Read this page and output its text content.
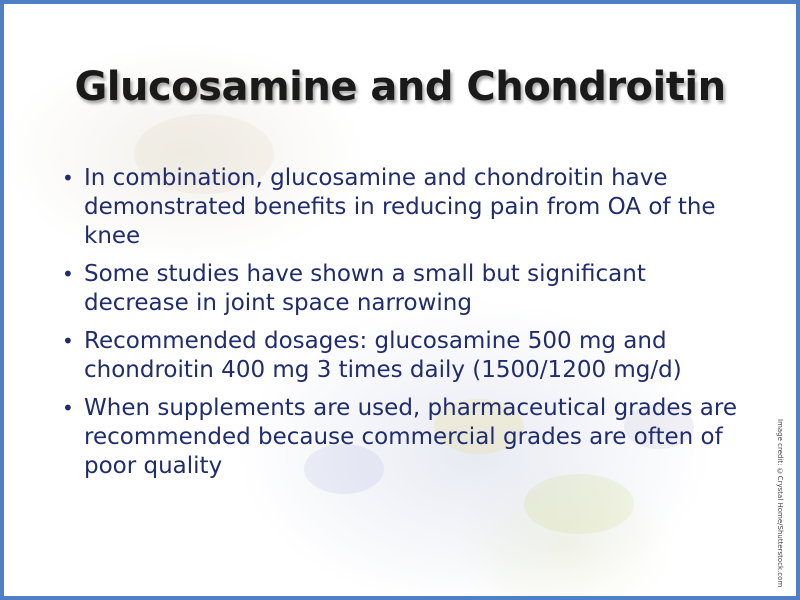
Glucosamine and Chondroitin
• In combination, glucosamine and chondroitin have demonstrated benefits in reducing pain from OA of the knee
• Some studies have shown a small but significant decrease in joint space narrowing
• Recommended dosages: glucosamine 500 mg and chondroitin 400 mg 3 times daily (1500/1200 mg/d)
• When supplements are used, pharmaceutical grades are recommended because commercial grades are often of poor quality	Image credit: ©Crystal Home/Shutterstock.com
